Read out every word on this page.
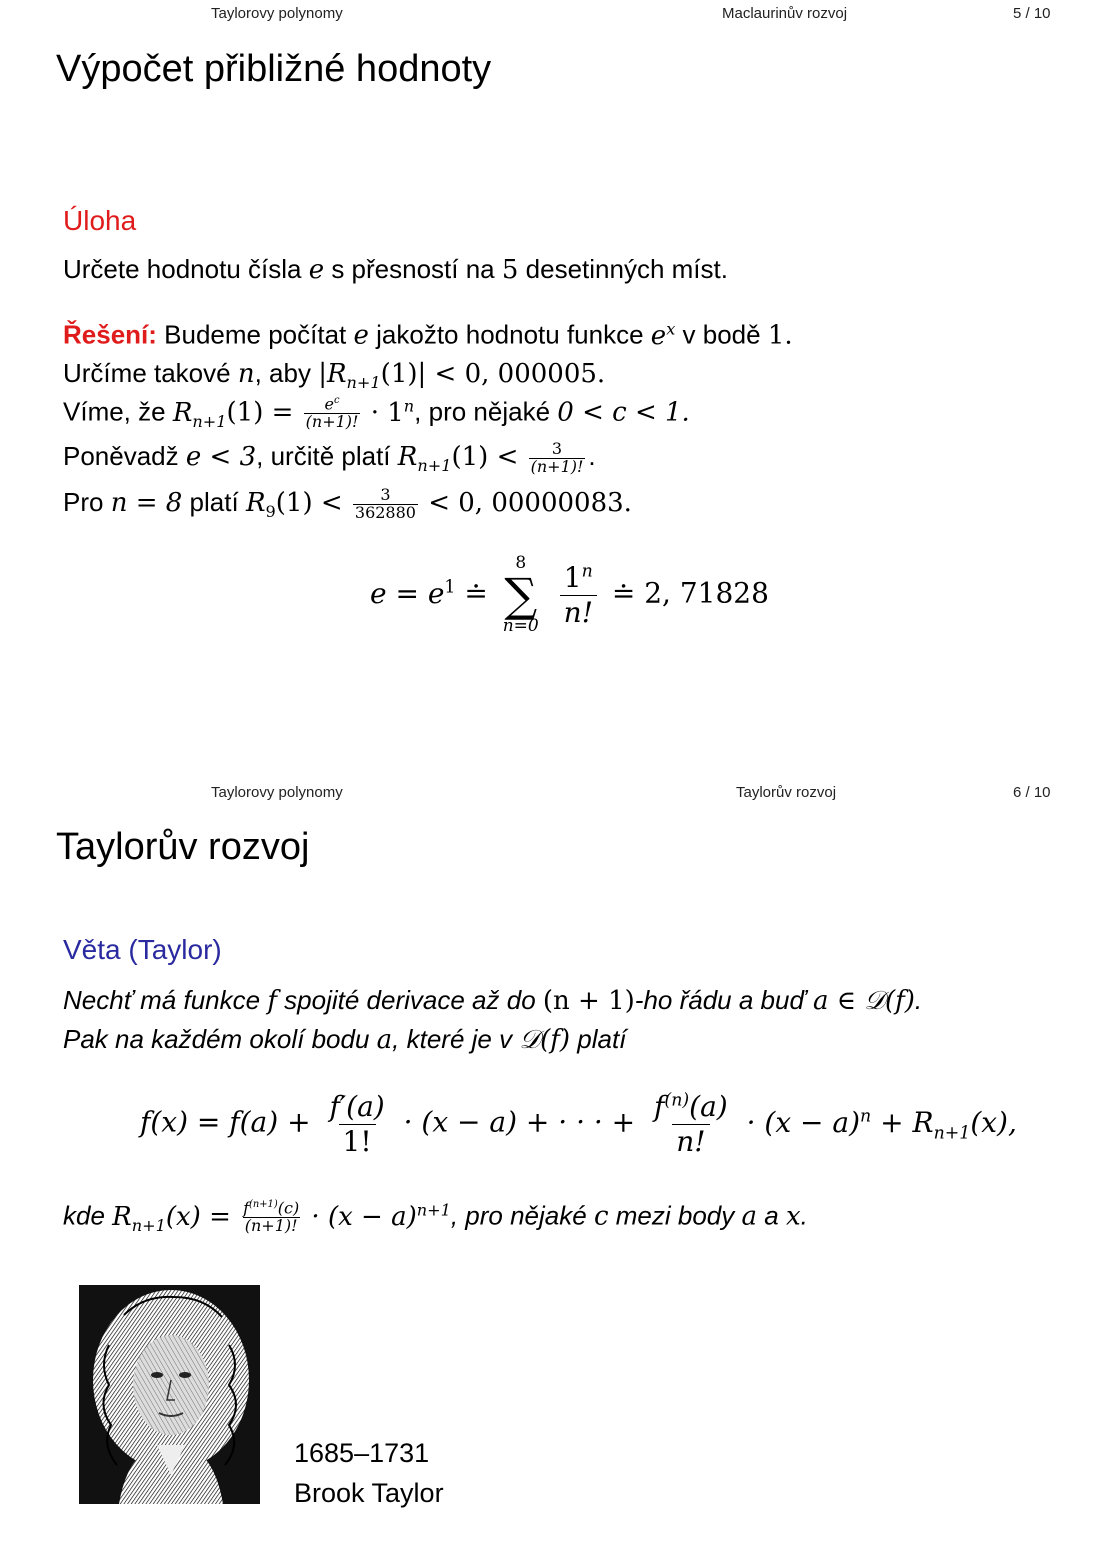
Taylorovy polynomy	Maclaurinův rozvoj	5 / 10
Výpočet přibližné hodnoty
Úloha
Určete hodnotu čísla e s přesností na 5 desetinných míst.
Řešení: Budeme počítat e jakožto hodnotu funkce $e^x$ v bodě 1.
Určíme takové n, aby $|R_{n+1}(1)| < 0$, 000005.
Víme, že $R_{n+1}(1) = \frac{e^c}{(n+1)!} \cdot 1^n$, pro nějaké 0 < c < 1.
Poněvadž e < 3, určitě platí $R_{n+1}(1) < \frac{3}{(n+1)!}$ .
Pro n = 8 platí $R_9(1) < \frac{3}{362880} < 0$, 00000083.
$e = e^1$ ≐
8
∑
n=0
$\frac{1^n}{n!}$ ≐ 2, 71828
Taylorovy polynomy	Taylorův rozvoj	6 / 10
Taylorův rozvoj
Věta (Taylor)
Nechť má funkce f spojité derivace až do (n + 1)-ho řádu a buď a ∈ 𝒟(f).
Pak na každém okolí bodu a, které je v 𝒟(f) platí
$f(x) = f(a) + \frac{f'(a)}{1!} \cdot (x - a)$ + · · · + $\frac{f^{(n)}(a)}{n!} \cdot (x - a)^n + R_{n+1}(x)$,
kde $R_{n+1}(x) = \frac{f^{(n+1)}(c)}{(n+1)!} \cdot (x - a)^{n+1}$, pro nějaké c mezi body a a x.
1685–1731
Brook Taylor
